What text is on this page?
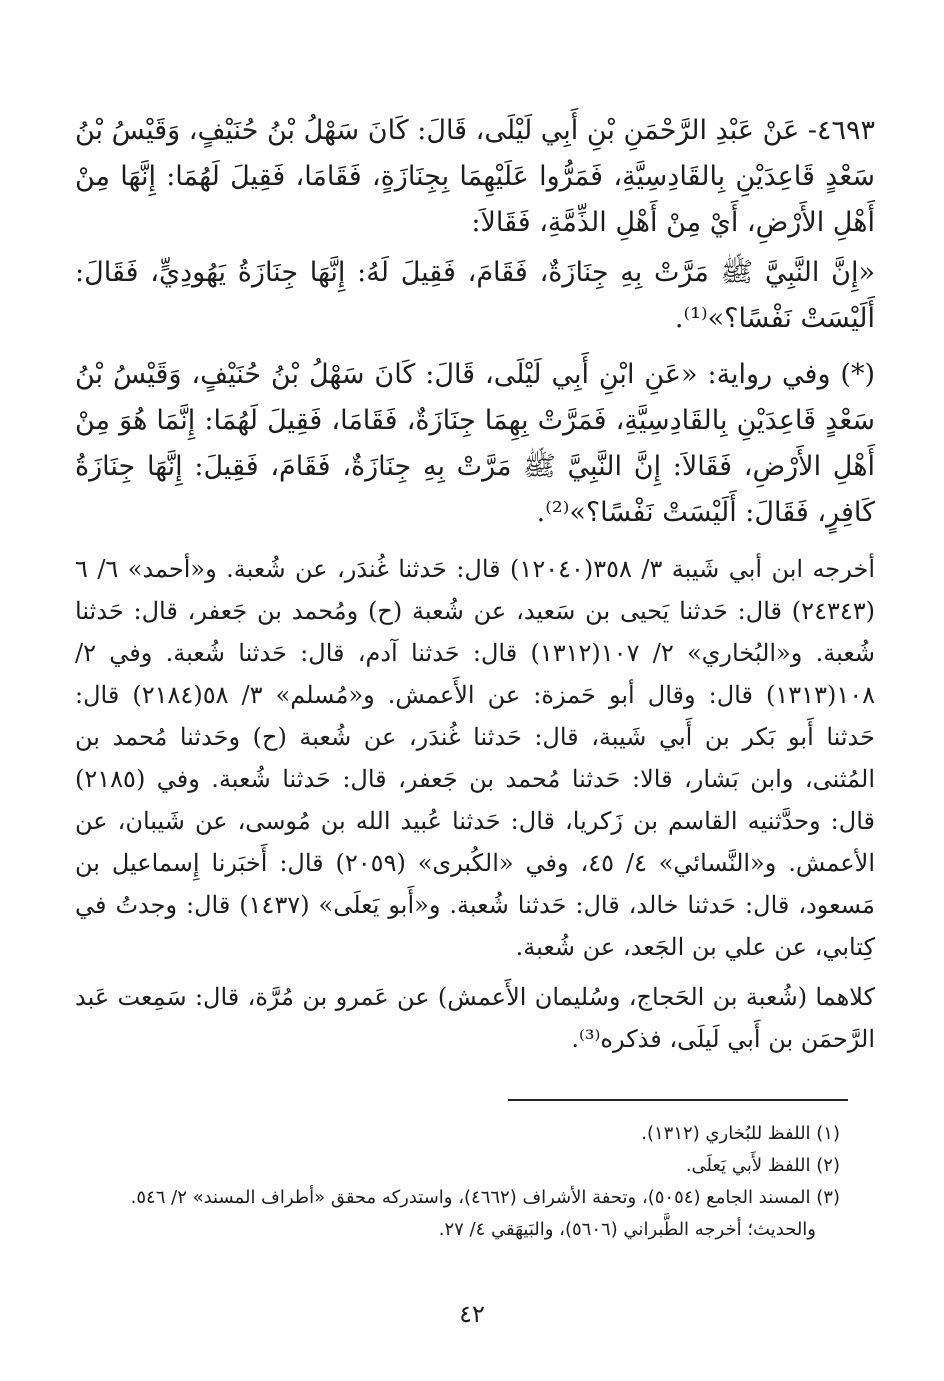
٤٦٩٣- عَنْ عَبْدِ الرَّحْمَنِ بْنِ أَبِي لَيْلَى، قَالَ: كَانَ سَهْلُ بْنُ حُنَيْفٍ، وَقَيْسُ بْنُ سَعْدٍ قَاعِدَيْنِ بِالقَادِسِيَّةِ، فَمَرُّوا عَلَيْهِمَا بِجِنَازَةٍ، فَقَامَا، فَقِيلَ لَهُمَا: إِنَّهَا مِنْ أَهْلِ الأَرْضِ، أَيْ مِنْ أَهْلِ الذِّمَّةِ، فَقَالاَ:

«إِنَّ النَّبِيَّ ﷺ مَرَّتْ بِهِ جِنَازَةٌ، فَقَامَ، فَقِيلَ لَهُ: إِنَّهَا جِنَازَةُ يَهُودِيٍّ، فَقَالَ: أَلَيْسَتْ نَفْسًا؟»⁽¹⁾.

(*) وفي رواية: «عَنِ ابْنِ أَبِي لَيْلَى، قَالَ: كَانَ سَهْلُ بْنُ حُنَيْفٍ، وَقَيْسُ بْنُ سَعْدٍ قَاعِدَيْنِ بِالقَادِسِيَّةِ، فَمَرَّتْ بِهِمَا جِنَازَةٌ، فَقَامَا، فَقِيلَ لَهُمَا: إِنَّمَا هُوَ مِنْ أَهْلِ الأَرْضِ، فَقَالاَ: إِنَّ النَّبِيَّ ﷺ مَرَّتْ بِهِ جِنَازَةٌ، فَقَامَ، فَقِيلَ: إِنَّهَا جِنَازَةُ كَافِرٍ، فَقَالَ: أَلَيْسَتْ نَفْسًا؟»⁽²⁾.

أخرجه ابن أبي شَيبة ٣/ ٣٥٨(١٢٠٤٠) قال: حَدثنا غُندَر، عن شُعبة. و«أحمد» ٦/ ٦ (٢٤٣٤٣) قال: حَدثنا يَحيى بن سَعيد، عن شُعبة (ح) ومُحمد بن جَعفر، قال: حَدثنا شُعبة. و«البُخاري» ٢/ ١٠٧(١٣١٢) قال: حَدثنا آدم، قال: حَدثنا شُعبة. وفي ٢/ ١٠٨(١٣١٣) قال: وقال أبو حَمزة: عن الأَعمش. و«مُسلم» ٣/ ٥٨(٢١٨٤) قال: حَدثنا أَبو بَكر بن أَبي شَيبة، قال: حَدثنا غُندَر، عن شُعبة (ح) وحَدثنا مُحمد بن المُثنى، وابن بَشار، قالا: حَدثنا مُحمد بن جَعفر، قال: حَدثنا شُعبة. وفي (٢١٨٥) قال: وحدَّثنيه القاسم بن زَكريا، قال: حَدثنا عُبيد الله بن مُوسى، عن شَيبان، عن الأعمش. و«النَّسائي» ٤/ ٤٥، وفي «الكُبرى» (٢٠٥٩) قال: أَخبَرنا إِسماعيل بن مَسعود، قال: حَدثنا خالد، قال: حَدثنا شُعبة. و«أَبو يَعلَى» (١٤٣٧) قال: وجدتُ في كِتابي، عن علي بن الجَعد، عن شُعبة.

كلاهما (شُعبة بن الحَجاج، وسُليمان الأَعمش) عن عَمرو بن مُرَّة، قال: سَمِعت عَبد الرَّحمَن بن أَبي لَيلَى، فذكره⁽³⁾.

(١) اللفظ للبُخاري (١٣١٢).

(٢) اللفظ لأَبي يَعلَى.

(٣) المسند الجامع (٥٠٥٤)، وتحفة الأشراف (٤٦٦٢)، واستدركه محقق «أطراف المسند» ٢/ ٥٤٦.

والحديث؛ أخرجه الطَّبراني (٥٦٠٦)، والبَيهَقي ٤/ ٢٧.

٤٢
